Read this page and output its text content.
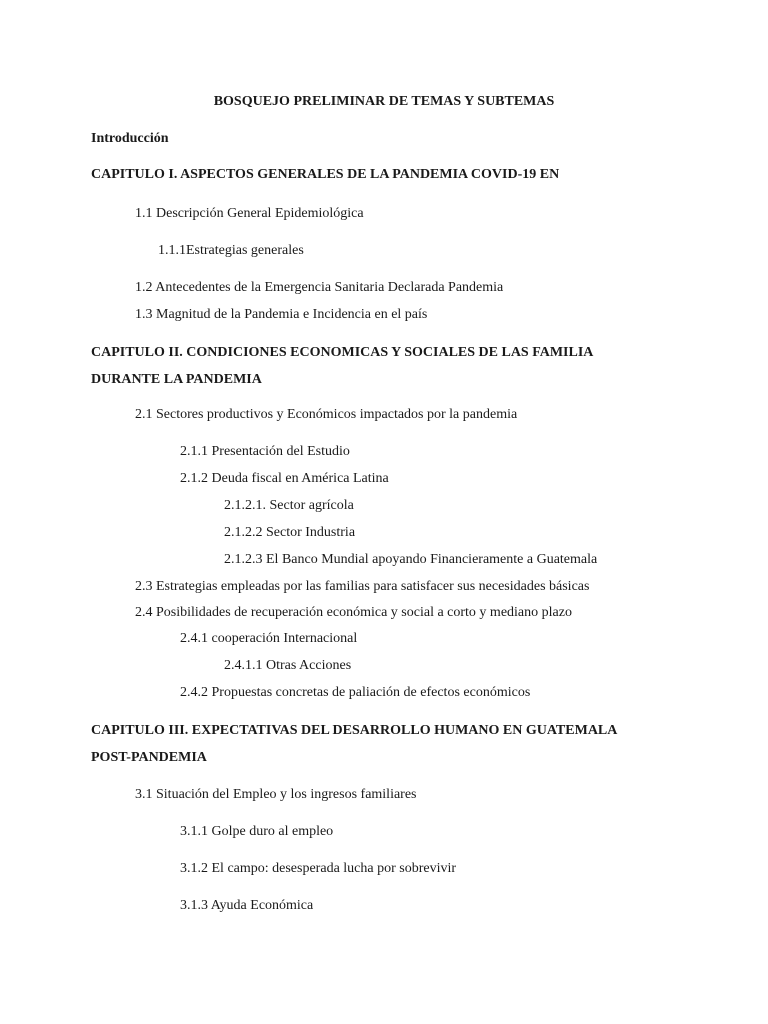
BOSQUEJO PRELIMINAR DE TEMAS Y SUBTEMAS
Introducción
CAPITULO I. ASPECTOS GENERALES DE LA PANDEMIA COVID-19 EN
1.1 Descripción General Epidemiológica
1.1.1Estrategias generales
1.2 Antecedentes de la Emergencia Sanitaria Declarada Pandemia
1.3 Magnitud de la Pandemia e Incidencia en el país
CAPITULO II. CONDICIONES ECONOMICAS Y SOCIALES DE LAS FAMILIA
DURANTE LA PANDEMIA
2.1 Sectores productivos y Económicos impactados por la pandemia
2.1.1 Presentación del Estudio
2.1.2 Deuda fiscal en América Latina
2.1.2.1. Sector agrícola
2.1.2.2 Sector Industria
2.1.2.3 El Banco Mundial apoyando Financieramente a Guatemala
2.3 Estrategias empleadas por las familias para satisfacer sus necesidades básicas
2.4 Posibilidades de recuperación económica y social a corto y mediano plazo
2.4.1 cooperación Internacional
2.4.1.1 Otras Acciones
2.4.2 Propuestas concretas de paliación de efectos económicos
CAPITULO III. EXPECTATIVAS DEL DESARROLLO HUMANO EN GUATEMALA
POST-PANDEMIA
3.1 Situación del Empleo y los ingresos familiares
3.1.1 Golpe duro al empleo
3.1.2 El campo: desesperada lucha por sobrevivir
3.1.3 Ayuda Económica
